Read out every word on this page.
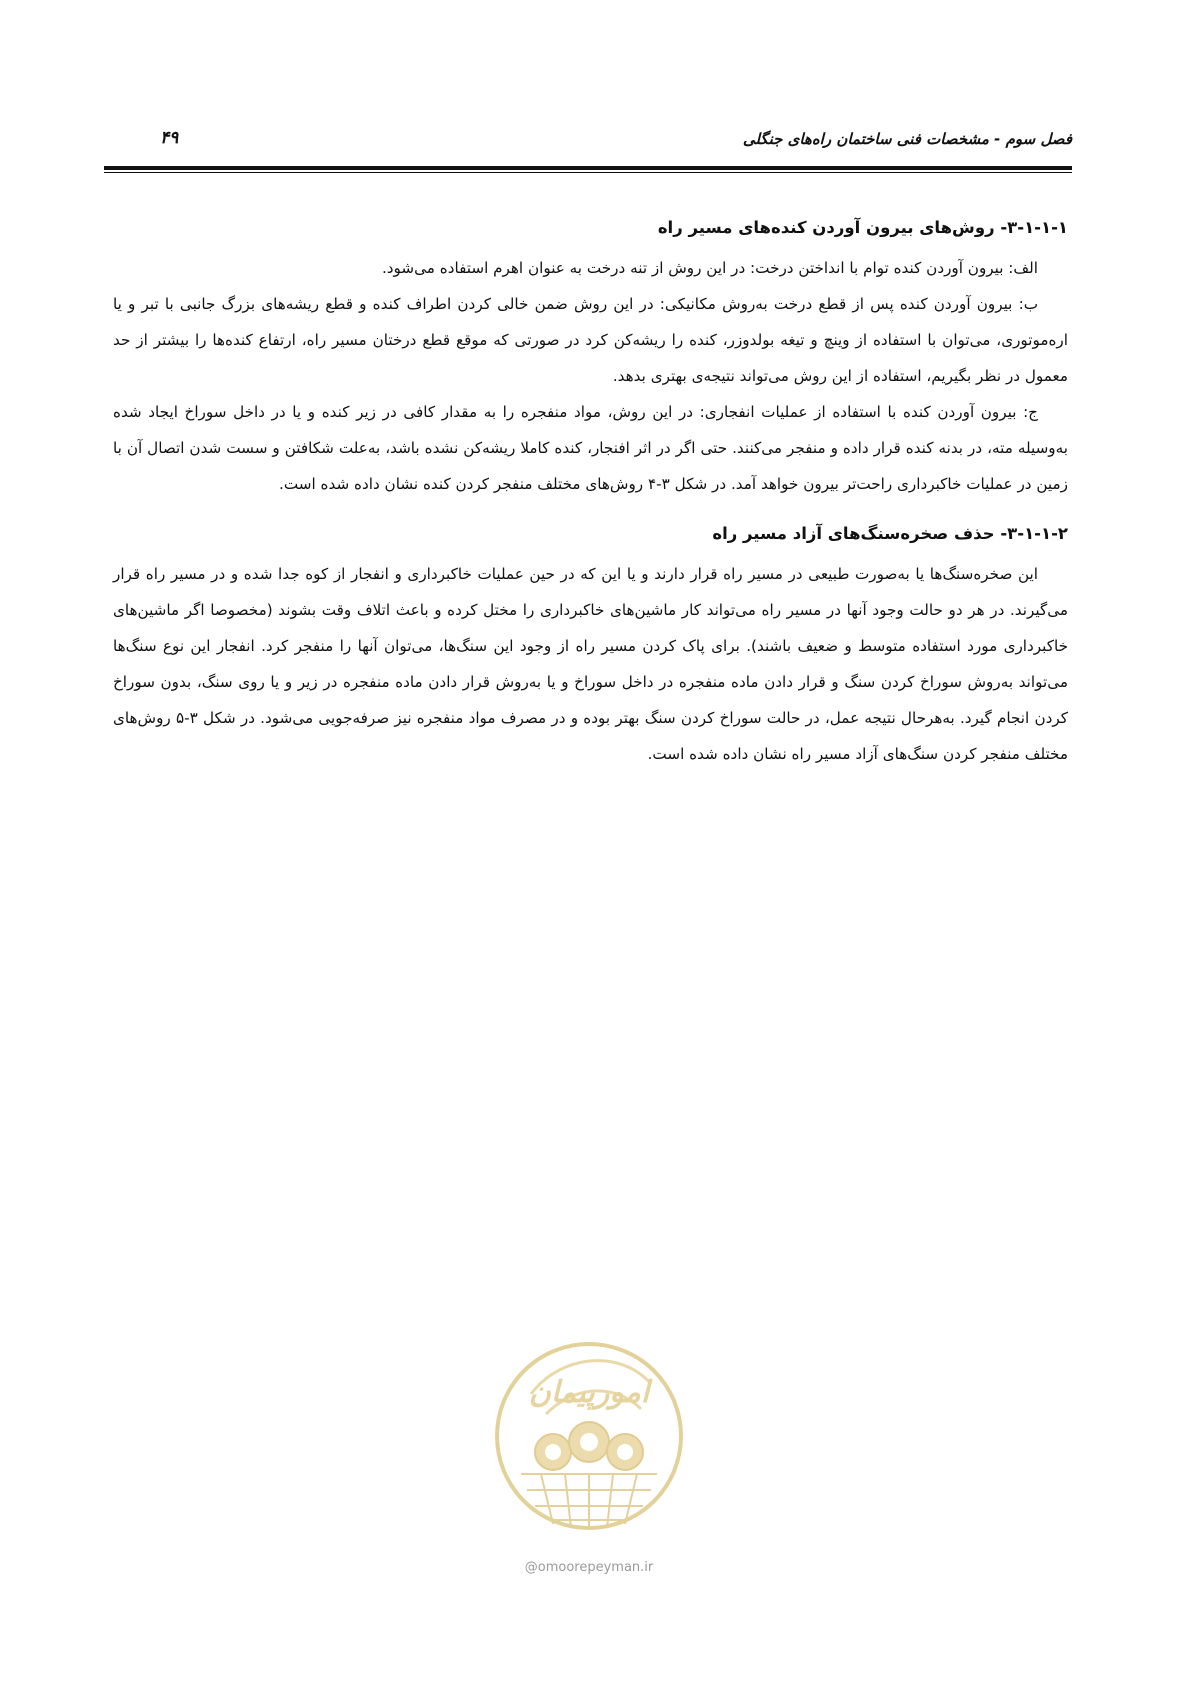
فصل سوم - مشخصات فنی ساختمان راه‌های جنگلی
۴۹
۳-۱-۱-۱- روش‌های بیرون آوردن کنده‌های مسیر راه

الف: بیرون آوردن کنده توام با انداختن درخت: در این روش از تنه درخت به عنوان اهرم استفاده می‌شود.

ب: بیرون آوردن کنده پس از قطع درخت به‌روش مکانیکی: در این روش ضمن خالی کردن اطراف کنده و قطع ریشه‌های بزرگ جانبی با تبر و یا اره‌موتوری، می‌توان با استفاده از وینچ و تیغه بولدوزر، کنده را ریشه‌کن کرد در صورتی که موقع قطع درختان مسیر راه، ارتفاع کنده‌ها را بیشتر از حد معمول در نظر بگیریم، استفاده از این روش می‌تواند نتیجه‌ی بهتری بدهد.

ج: بیرون آوردن کنده با استفاده از عملیات انفجاری: در این روش، مواد منفجره را به مقدار کافی در زیر کنده و یا در داخل سوراخ ایجاد شده به‌وسیله مته، در بدنه کنده قرار داده و منفجر می‌کنند. حتی اگر در اثر افنجار، کنده کاملا ریشه‌کن نشده باشد، به‌علت شکافتن و سست شدن اتصال آن با زمین در عملیات خاکبرداری راحت‌تر بیرون خواهد آمد. در شکل ۳-۴ روش‌های مختلف منفجر کردن کنده نشان داده شده است.

۳-۱-۱-۲- حذف صخره‌سنگ‌های آزاد مسیر راه

این صخره‌سنگ‌ها یا به‌صورت طبیعی در مسیر راه قرار دارند و یا این که در حین عملیات خاکبرداری و انفجار از کوه جدا شده و در مسیر راه قرار می‌گیرند. در هر دو حالت وجود آنها در مسیر راه می‌تواند کار ماشین‌های خاکبرداری را مختل کرده و باعث اتلاف وقت بشوند (مخصوصا اگر ماشین‌های خاکبرداری مورد استفاده متوسط و ضعیف باشند). برای پاک کردن مسیر راه از وجود این سنگ‌ها، می‌توان آنها را منفجر کرد. انفجار این نوع سنگ‌ها می‌تواند به‌روش سوراخ کردن سنگ و قرار دادن ماده منفجره در داخل سوراخ و یا به‌روش قرار دادن ماده منفجره در زیر و یا روی سنگ، بدون سوراخ کردن انجام گیرد. به‌هرحال نتیجه عمل، در حالت سوراخ کردن سنگ بهتر بوده و در مصرف مواد منفجره نیز صرفه‌جویی می‌شود. در شکل ۳-۵ روش‌های مختلف منفجر کردن سنگ‌های آزاد مسیر راه نشان داده شده است.

امورپیمان
@omoorepeyman.ir
